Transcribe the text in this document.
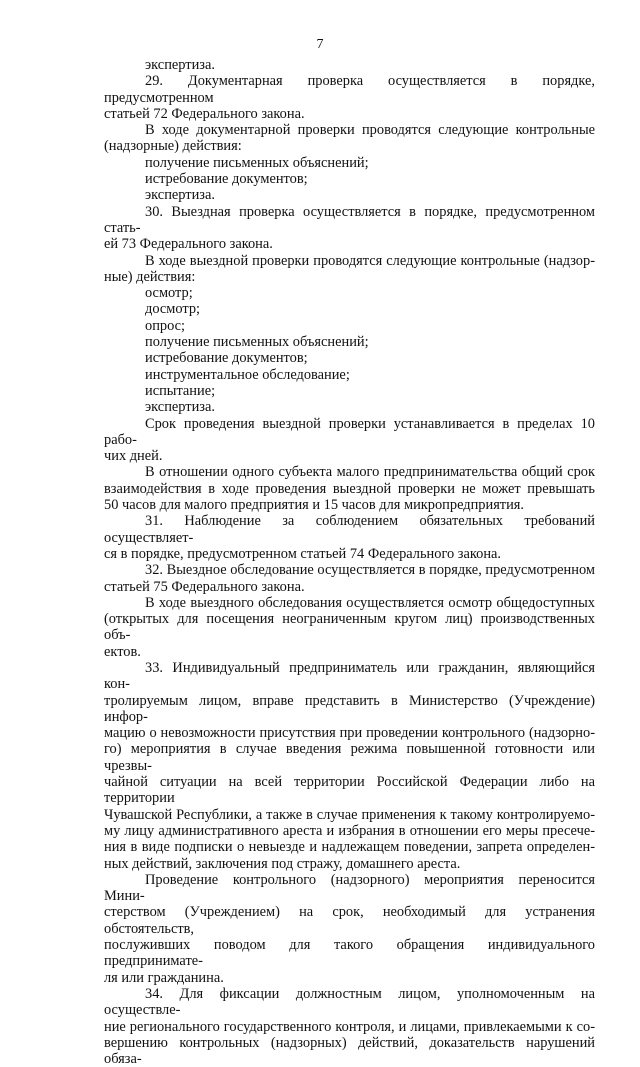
7

экспертиза.

29. Документарная проверка осуществляется в порядке, предусмотренном

статьей 72 Федерального закона.

В ходе документарной проверки проводятся следующие контрольные

(надзорные) действия:

получение письменных объяснений;

истребование документов;

экспертиза.

30. Выездная проверка осуществляется в порядке, предусмотренном стать-

ей 73 Федерального закона.

В ходе выездной проверки проводятся следующие контрольные (надзор-

ные) действия:

осмотр;

досмотр;

опрос;

получение письменных объяснений;

истребование документов;

инструментальное обследование;

испытание;

экспертиза.

Срок проведения выездной проверки устанавливается в пределах 10 рабо-

чих дней.

В отношении одного субъекта малого предпринимательства общий срок

взаимодействия в ходе проведения выездной проверки не может превышать

50 часов для малого предприятия и 15 часов для микропредприятия.

31. Наблюдение за соблюдением обязательных требований осуществляет-

ся в порядке, предусмотренном статьей 74 Федерального закона.

32. Выездное обследование осуществляется в порядке, предусмотренном

статьей 75 Федерального закона.

В ходе выездного обследования осуществляется осмотр общедоступных

(открытых для посещения неограниченным кругом лиц) производственных объ-

ектов.

33. Индивидуальный предприниматель или гражданин, являющийся кон-

тролируемым лицом, вправе представить в Министерство (Учреждение) инфор-

мацию о невозможности присутствия при проведении контрольного (надзорно-

го) мероприятия в случае введения режима повышенной готовности или чрезвы-

чайной ситуации на всей территории Российской Федерации либо на территории

Чувашской Республики, а также в случае применения к такому контролируемо-

му лицу административного ареста и избрания в отношении его меры пресече-

ния в виде подписки о невыезде и надлежащем поведении, запрета определен-

ных действий, заключения под стражу, домашнего ареста.

Проведение контрольного (надзорного) мероприятия переносится Мини-

стерством (Учреждением) на срок, необходимый для устранения обстоятельств,

послуживших поводом для такого обращения индивидуального предпринимате-

ля или гражданина.

34. Для фиксации должностным лицом, уполномоченным на осуществле-

ние регионального государственного контроля, и лицами, привлекаемыми к со-

вершению контрольных (надзорных) действий, доказательств нарушений обяза-
